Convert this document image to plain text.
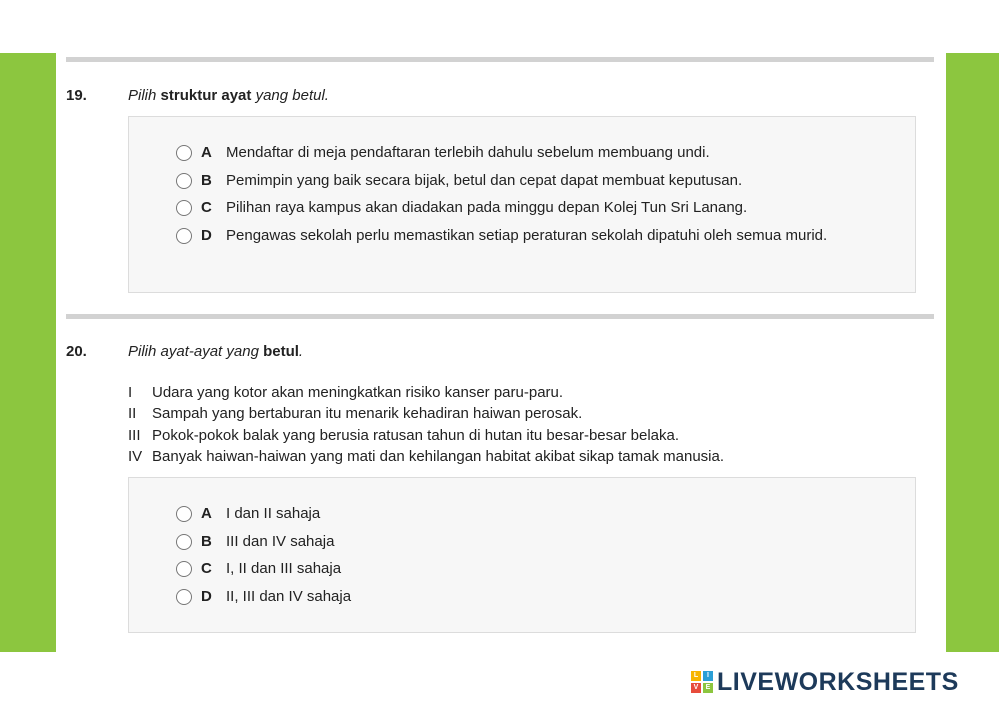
19.	Pilih struktur ayat yang betul.
A Mendaftar di meja pendaftaran terlebih dahulu sebelum membuang undi.
B Pemimpin yang baik secara bijak, betul dan cepat dapat membuat keputusan.
C Pilihan raya kampus akan diadakan pada minggu depan Kolej Tun Sri Lanang.
D Pengawas sekolah perlu memastikan setiap peraturan sekolah dipatuhi oleh semua murid.
20.	Pilih ayat-ayat yang betul.
I	Udara yang kotor akan meningkatkan risiko kanser paru-paru.
II	Sampah yang bertaburan itu menarik kehadiran haiwan perosak.
III Pokok-pokok balak yang berusia ratusan tahun di hutan itu besar-besar belaka.
IV Banyak haiwan-haiwan yang mati dan kehilangan habitat akibat sikap tamak manusia.
A I dan II sahaja
B III dan IV sahaja
C I, II dan III sahaja
D II, III dan IV sahaja
L	I
V	E LIVEWORKSHEETS
